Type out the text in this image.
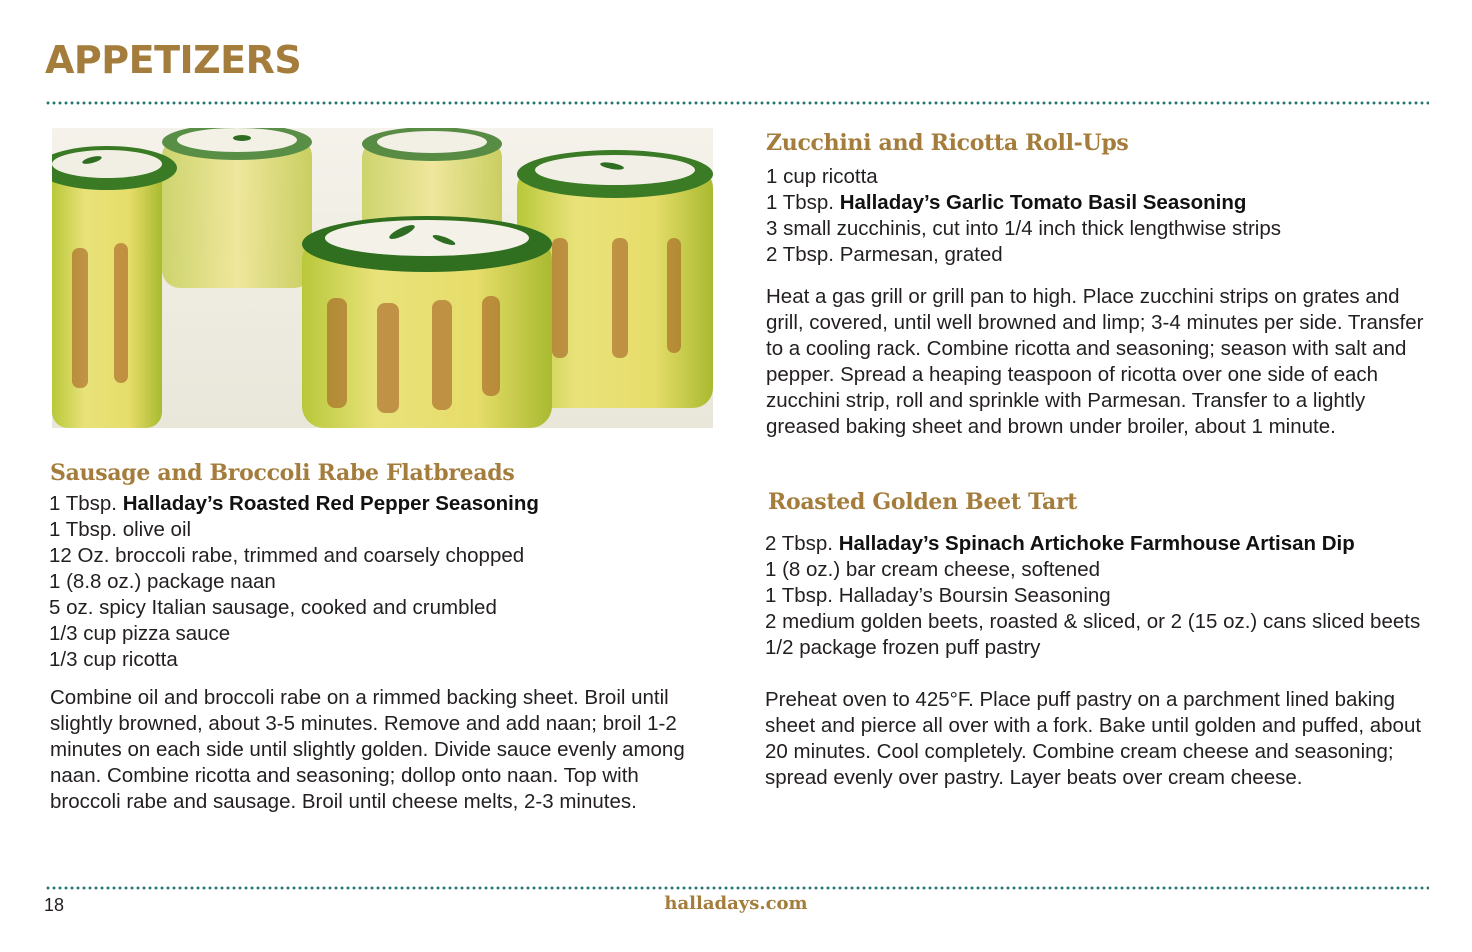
APPETIZERS
Zucchini and Ricotta Roll-Ups
1 cup ricotta
1 Tbsp. Halladay’s Garlic Tomato Basil Seasoning
3 small zucchinis, cut into 1/4 inch thick lengthwise strips
2 Tbsp. Parmesan, grated

Heat a gas grill or grill pan to high. Place zucchini strips on grates and grill, covered, until well browned and limp; 3-4 minutes per side. Transfer to a cooling rack. Combine ricotta and seasoning; season with salt and pepper. Spread a heaping teaspoon of ricotta over one side of each zucchini strip, roll and sprinkle with Parmesan. Transfer to a lightly greased baking sheet and brown under broiler, about 1 minute.

Sausage and Broccoli Rabe Flatbreads
1 Tbsp. Halladay’s Roasted Red Pepper Seasoning
1 Tbsp. olive oil
12 Oz. broccoli rabe, trimmed and coarsely chopped
1 (8.8 oz.) package naan
5 oz. spicy Italian sausage, cooked and crumbled
1/3 cup pizza sauce
1/3 cup ricotta

Combine oil and broccoli rabe on a rimmed backing sheet. Broil until slightly browned, about 3-5 minutes. Remove and add naan; broil 1-2 minutes on each side until slightly golden. Divide sauce evenly among naan. Combine ricotta and seasoning; dollop onto naan. Top with broccoli rabe and sausage. Broil until cheese melts, 2-3 minutes.

Roasted Golden Beet Tart
2 Tbsp. Halladay’s Spinach Artichoke Farmhouse Artisan Dip
1 (8 oz.) bar cream cheese, softened
1 Tbsp. Halladay’s Boursin Seasoning
2 medium golden beets, roasted & sliced, or 2 (15 oz.) cans sliced beets
1/2 package frozen puff pastry

Preheat oven to 425°F. Place puff pastry on a parchment lined baking sheet and pierce all over with a fork. Bake until golden and puffed, about 20 minutes. Cool completely. Combine cream cheese and seasoning; spread evenly over pastry. Layer beats over cream cheese.

18	halladays.com
